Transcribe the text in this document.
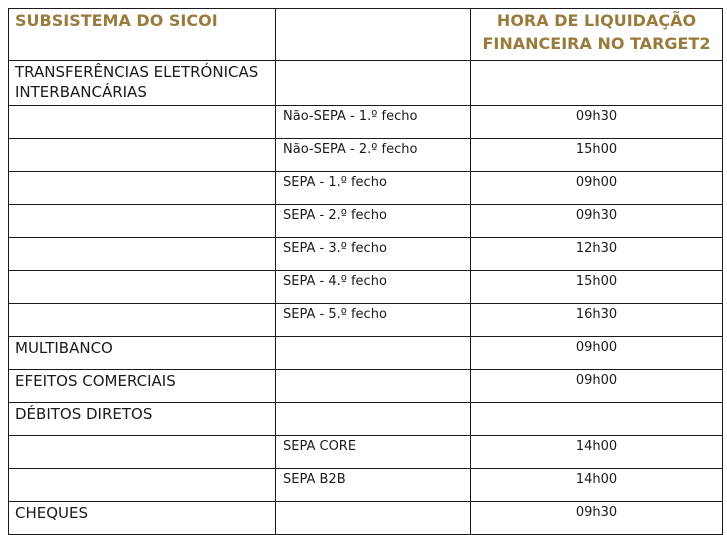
SUBSISTEMA DO SICOI		HORA DE LIQUIDAÇÃO
FINANCEIRA NO TARGET2

TRANSFERÊNCIAS ELETRÓNICAS
INTERBANCÁRIAS		

	Não-SEPA - 1.º fecho	09h30
	Não-SEPA - 2.º fecho	15h00
	SEPA - 1.º fecho	09h00
	SEPA - 2.º fecho	09h30
	SEPA - 3.º fecho	12h30
	SEPA - 4.º fecho	15h00
	SEPA - 5.º fecho	16h30
MULTIBANCO		09h00
EFEITOS COMERCIAIS		09h00
DÉBITOS DIRETOS		
	SEPA CORE	14h00
	SEPA B2B	14h00
CHEQUES		09h30
